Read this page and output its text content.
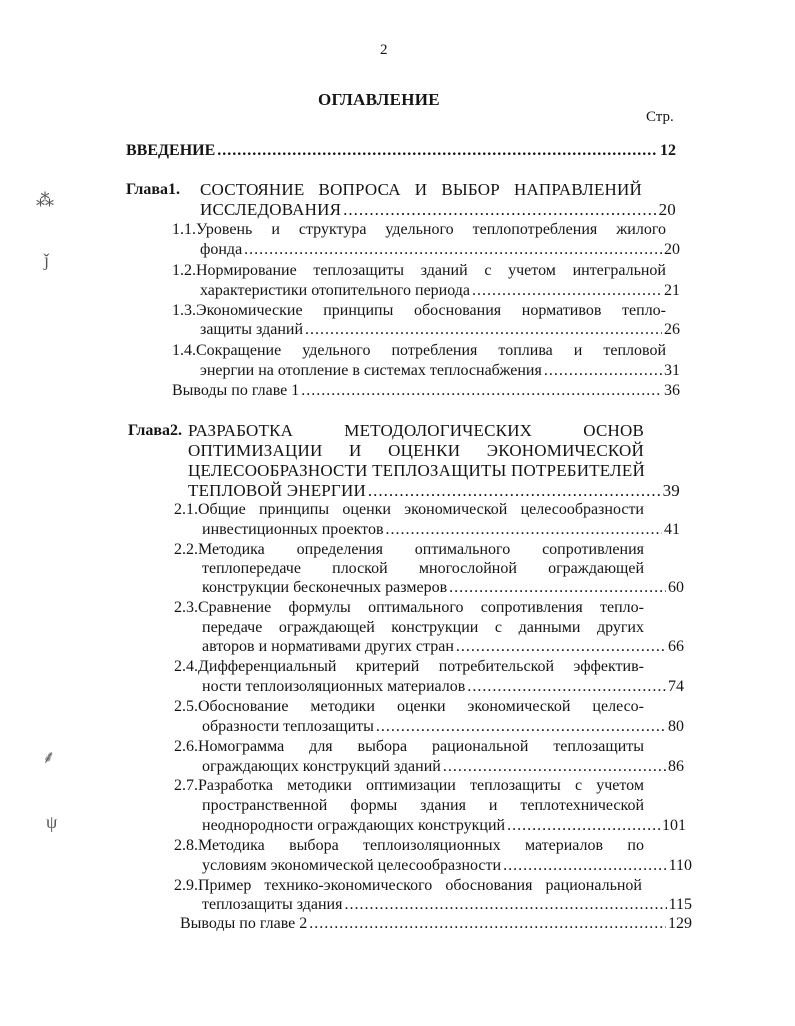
2
ОГЛАВЛЕНИЕ
Стр.
⁂
ǰ
⸙
ψ
ВВЕДЕНИЕ .....	12
Глава1. СОСТОЯНИЕ ВОПРОСА И ВЫБОР НАПРАВЛЕНИЙ
ИССЛЕДОВАНИЯ .....	20
1.1.Уровень и структура удельного теплопотребления жилого
фонда .....	20
1.2.Нормирование теплозащиты зданий с учетом интегральной
характеристики отопительного периода .....	21
1.3.Экономические принципы обоснования нормативов тепло-
защиты зданий .....	26
1.4.Сокращение удельного потребления топлива и тепловой
энергии на отопление в системах теплоснабжения .....	31
Выводы по главе 1 .....	36
Глава2. РАЗРАБОТКА МЕТОДОЛОГИЧЕСКИХ ОСНОВ
ОПТИМИЗАЦИИ И ОЦЕНКИ ЭКОНОМИЧЕСКОЙ
ЦЕЛЕСООБРАЗНОСТИ ТЕПЛОЗАЩИТЫ ПОТРЕБИТЕЛЕЙ
ТЕПЛОВОЙ ЭНЕРГИИ .....	39
2.1.Общие принципы оценки экономической целесообразности
инвестиционных проектов .....	41
2.2.Методика определения оптимального сопротивления
теплопередаче плоской многослойной ограждающей
конструкции бесконечных размеров .....	60
2.3.Сравнение формулы оптимального сопротивления тепло-
передаче ограждающей конструкции с данными других
авторов и нормативами других стран .....	66
2.4.Дифференциальный критерий потребительской эффектив-
ности теплоизоляционных материалов .....	74
2.5.Обоснование методики оценки экономической целесо-
образности теплозащиты .....	80
2.6.Номограмма для выбора рациональной теплозащиты
ограждающих конструкций зданий .....	86
2.7.Разработка методики оптимизации теплозащиты с учетом
пространственной формы здания и теплотехнической
неоднородности ограждающих конструкций .....	101
2.8.Методика выбора теплоизоляционных материалов по
условиям экономической целесообразности .....	110
2.9.Пример технико-экономического обоснования рациональной
теплозащиты здания .....	115
Выводы по главе 2 .....	129
